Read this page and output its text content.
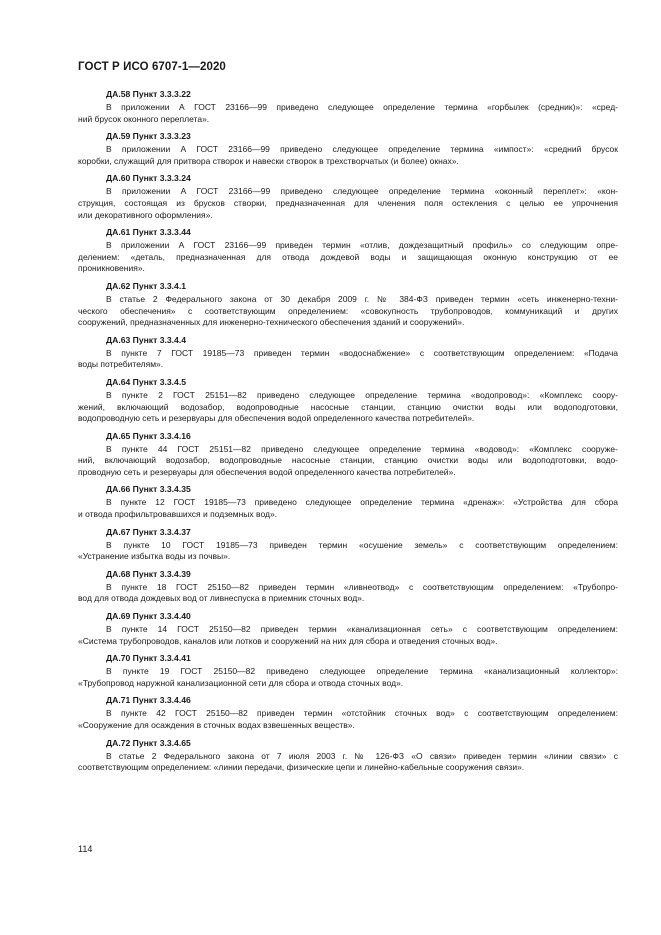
ГОСТ Р ИСО 6707-1—2020
ДА.58 Пункт 3.3.3.22
В приложении А ГОСТ 23166—99 приведено следующее определение термина «горбылек (средник)»: «сред-
ний брусок оконного переплета».
ДА.59 Пункт 3.3.3.23
В приложении А ГОСТ 23166—99 приведено следующее определение термина «импост»: «средний брусок
коробки, служащий для притвора створок и навески створок в трехстворчатых (и более) окнах».
ДА.60 Пункт 3.3.3.24
В приложении А ГОСТ 23166—99 приведено следующее определение термина «оконный переплет»: «кон-
струкция, состоящая из брусков створки, предназначенная для членения поля остекления с целью ее упрочнения
или декоративного оформления».
ДА.61 Пункт 3.3.3.44
В приложении А ГОСТ 23166—99 приведен термин «отлив, дождезащитный профиль» со следующим опре-
делением: «деталь, предназначенная для отвода дождевой воды и защищающая оконную конструкцию от ее
проникновения».
ДА.62 Пункт 3.3.4.1
В статье 2 Федерального закона от 30 декабря 2009 г. № 384-ФЗ приведен термин «сеть инженерно-техни-
ческого обеспечения» с соответствующим определением: «совокупность трубопроводов, коммуникаций и других
сооружений, предназначенных для инженерно-технического обеспечения зданий и сооружений».
ДА.63 Пункт 3.3.4.4
В пункте 7 ГОСТ 19185—73 приведен термин «водоснабжение» с соответствующим определением: «Подача
воды потребителям».
ДА.64 Пункт 3.3.4.5
В пункте 2 ГОСТ 25151—82 приведено следующее определение термина «водопровод»: «Комплекс соору-
жений, включающий водозабор, водопроводные насосные станции, станцию очистки воды или водоподготовки,
водопроводную сеть и резервуары для обеспечения водой определенного качества потребителей».
ДА.65 Пункт 3.3.4.16
В пункте 44 ГОСТ 25151—82 приведено следующее определение термина «водовод»: «Комплекс сооруже-
ний, включающий водозабор, водопроводные насосные станции, станцию очистки воды или водоподготовки, водо-
проводную сеть и резервуары для обеспечения водой определенного качества потребителей».
ДА.66 Пункт 3.3.4.35
В пункте 12 ГОСТ 19185—73 приведено следующее определение термина «дренаж»: «Устройства для сбора
и отвода профильтровавшихся и подземных вод».
ДА.67 Пункт 3.3.4.37
В пункте 10 ГОСТ 19185—73 приведен термин «осушение земель» с соответствующим определением:
«Устранение избытка воды из почвы».
ДА.68 Пункт 3.3.4.39
В пункте 18 ГОСТ 25150—82 приведен термин «ливнеотвод» с соответствующим определением: «Трубопро-
вод для отвода дождевых вод от ливнеспуска в приемник сточных вод».
ДА.69 Пункт 3.3.4.40
В пункте 14 ГОСТ 25150—82 приведен термин «канализационная сеть» с соответствующим определением:
«Система трубопроводов, каналов или лотков и сооружений на них для сбора и отведения сточных вод».
ДА.70 Пункт 3.3.4.41
В пункте 19 ГОСТ 25150—82 приведено следующее определение термина «канализационный коллектор»:
«Трубопровод наружной канализационной сети для сбора и отвода сточных вод».
ДА.71 Пункт 3.3.4.46
В пункте 42 ГОСТ 25150—82 приведен термин «отстойник сточных вод» с соответствующим определением:
«Сооружение для осаждения в сточных водах взвешенных веществ».
ДА.72 Пункт 3.3.4.65
В статье 2 Федерального закона от 7 июля 2003 г. № 126-ФЗ «О связи» приведен термин «линии связи» с
соответствующим определением: «линии передачи, физические цепи и линейно-кабельные сооружения связи».
114
